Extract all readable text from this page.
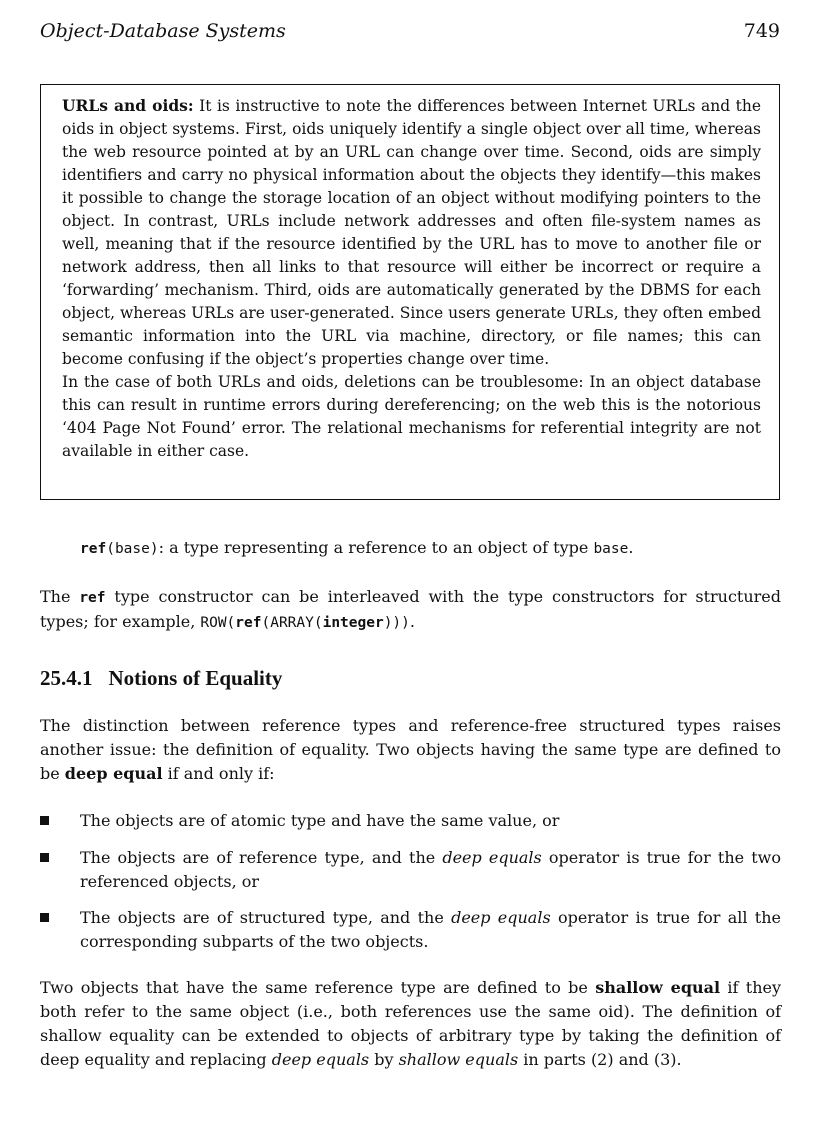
Object-Database Systems	749

URLs and oids: It is instructive to note the differences between Internet URLs and the oids in object systems. First, oids uniquely identify a single object over all time, whereas the web resource pointed at by an URL can change over time. Second, oids are simply identifiers and carry no physical information about the objects they identify—this makes it possible to change the storage location of an object without modifying pointers to the object. In contrast, URLs include network addresses and often file-system names as well, meaning that if the resource identified by the URL has to move to another file or network address, then all links to that resource will either be incorrect or require a ‘forwarding’ mechanism. Third, oids are automatically generated by the DBMS for each object, whereas URLs are user-generated. Since users generate URLs, they often embed semantic information into the URL via machine, directory, or file names; this can become confusing if the object’s properties change over time.

In the case of both URLs and oids, deletions can be troublesome: In an object database this can result in runtime errors during dereferencing; on the web this is the notorious ‘404 Page Not Found’ error. The relational mechanisms for referential integrity are not available in either case.

ref(base): a type representing a reference to an object of type base.

The ref type constructor can be interleaved with the type constructors for structured types; for example, ROW(ref(ARRAY(integer))).

25.4.1 Notions of Equality

The distinction between reference types and reference-free structured types raises another issue: the definition of equality. Two objects having the same type are defined to be deep equal if and only if:

The objects are of atomic type and have the same value, or
The objects are of reference type, and the deep equals operator is true for the two referenced objects, or
The objects are of structured type, and the deep equals operator is true for all the corresponding subparts of the two objects.

Two objects that have the same reference type are defined to be shallow equal if they both refer to the same object (i.e., both references use the same oid). The definition of shallow equality can be extended to objects of arbitrary type by taking the definition of deep equality and replacing deep equals by shallow equals in parts (2) and (3).
